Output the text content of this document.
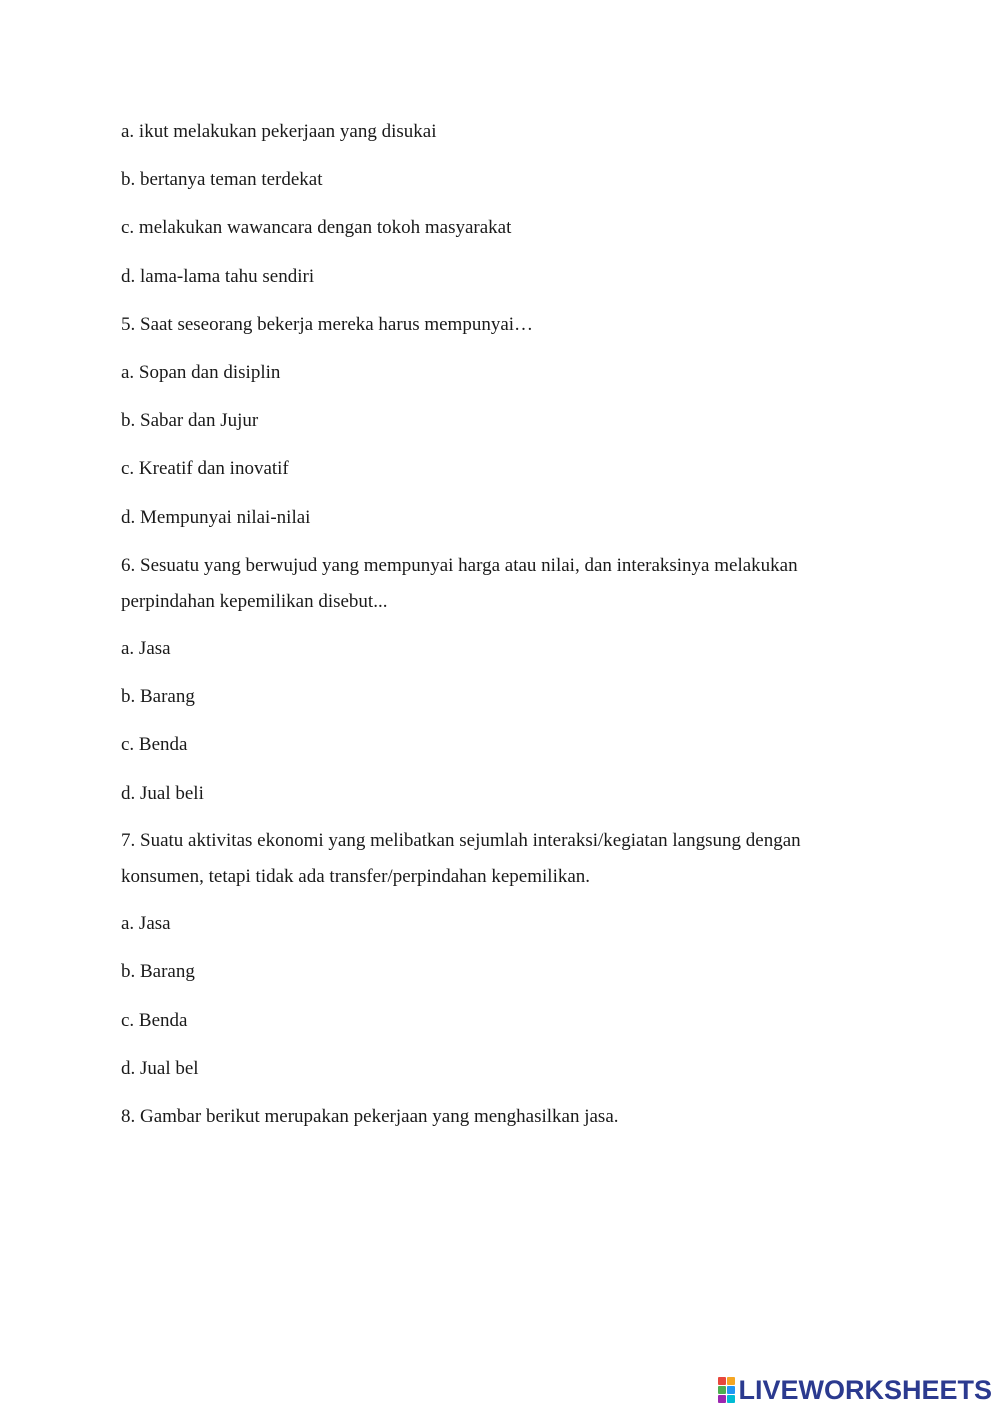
a. ikut melakukan pekerjaan yang disukai

b. bertanya teman terdekat

c. melakukan wawancara dengan tokoh masyarakat

d. lama-lama tahu sendiri

5. Saat seseorang bekerja mereka harus mempunyai…

a. Sopan dan disiplin

b. Sabar dan Jujur

c. Kreatif dan inovatif

d. Mempunyai nilai-nilai

6. Sesuatu yang berwujud yang mempunyai harga atau nilai, dan interaksinya melakukan

perpindahan kepemilikan disebut...

a. Jasa

b. Barang

c. Benda

d. Jual beli

7. Suatu aktivitas ekonomi yang melibatkan sejumlah interaksi/kegiatan langsung dengan

konsumen, tetapi tidak ada transfer/perpindahan kepemilikan.

a. Jasa

b. Barang

c. Benda

d. Jual bel

8. Gambar berikut merupakan pekerjaan yang menghasilkan jasa.

LIVEWORKSHEETS
